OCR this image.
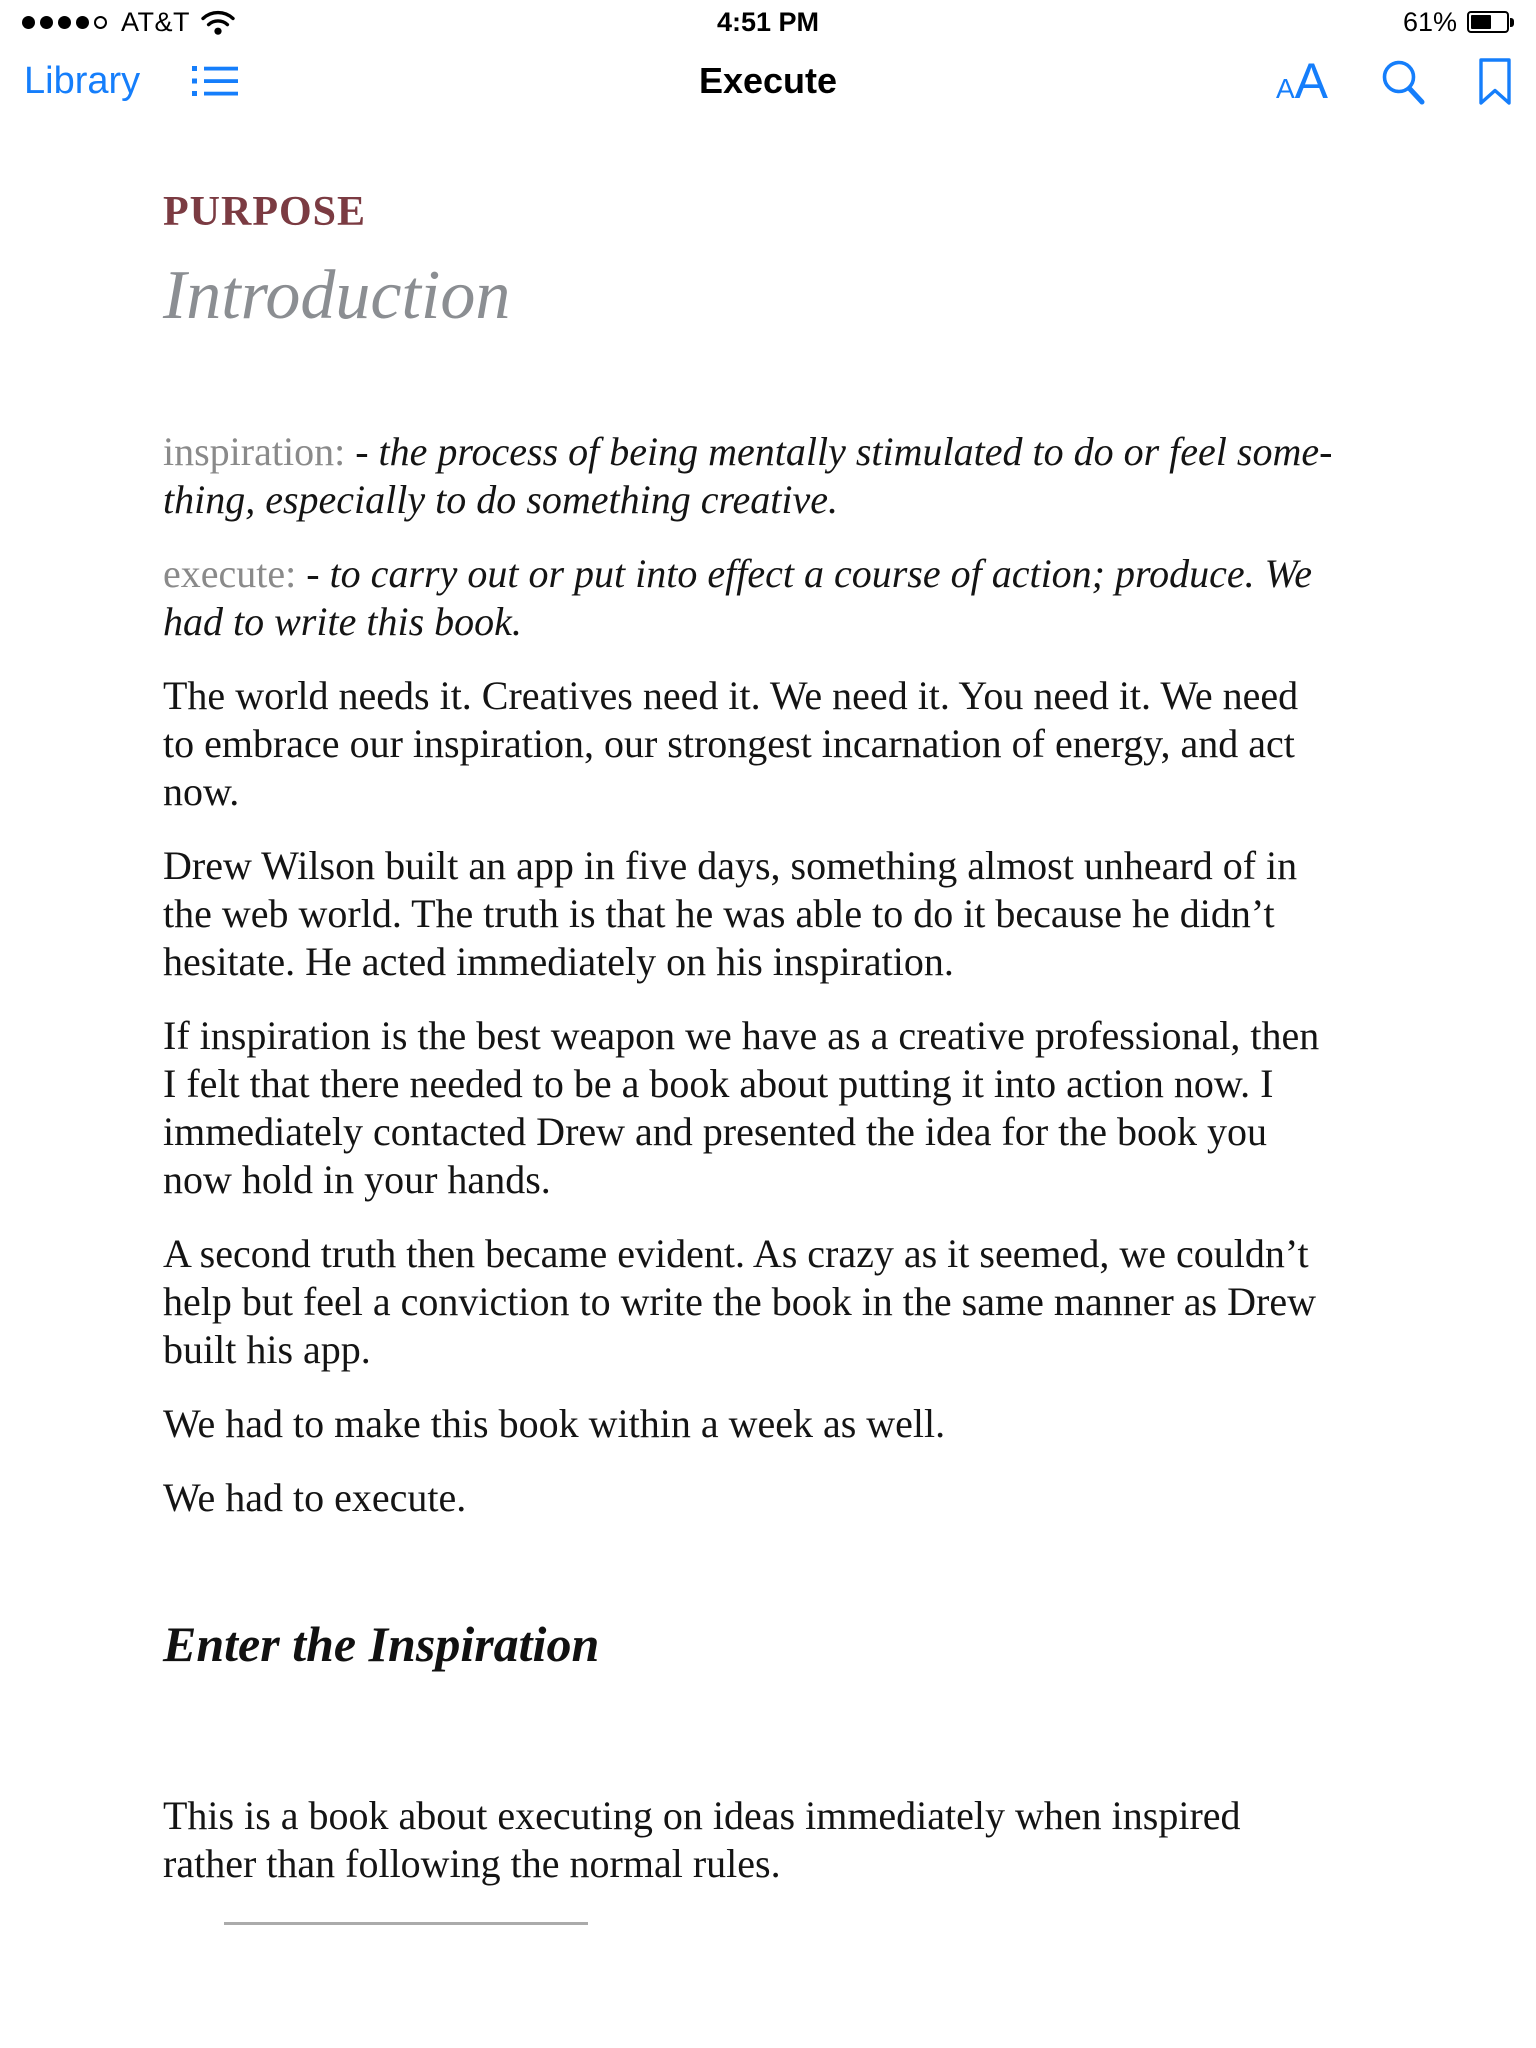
AT&T	4:51 PM	61%
Library	Execute	A A

PURPOSE

Introduction

inspiration: - the process of being mentally stimulated to do or feel something, especially to do something creative.

execute: - to carry out or put into effect a course of action; produce. We had to write this book.

The world needs it. Creatives need it. We need it. You need it. We need to embrace our inspiration, our strongest incarnation of energy, and act now.

Drew Wilson built an app in five days, something almost unheard of in the web world. The truth is that he was able to do it because he didn’t hesitate. He acted immediately on his inspiration.

If inspiration is the best weapon we have as a creative professional, then I felt that there needed to be a book about putting it into action now. I immediately contacted Drew and presented the idea for the book you now hold in your hands.

A second truth then became evident. As crazy as it seemed, we couldn’t help but feel a conviction to write the book in the same manner as Drew built his app.

We had to make this book within a week as well.

We had to execute.

Enter the Inspiration

This is a book about executing on ideas immediately when inspired rather than following the normal rules.
